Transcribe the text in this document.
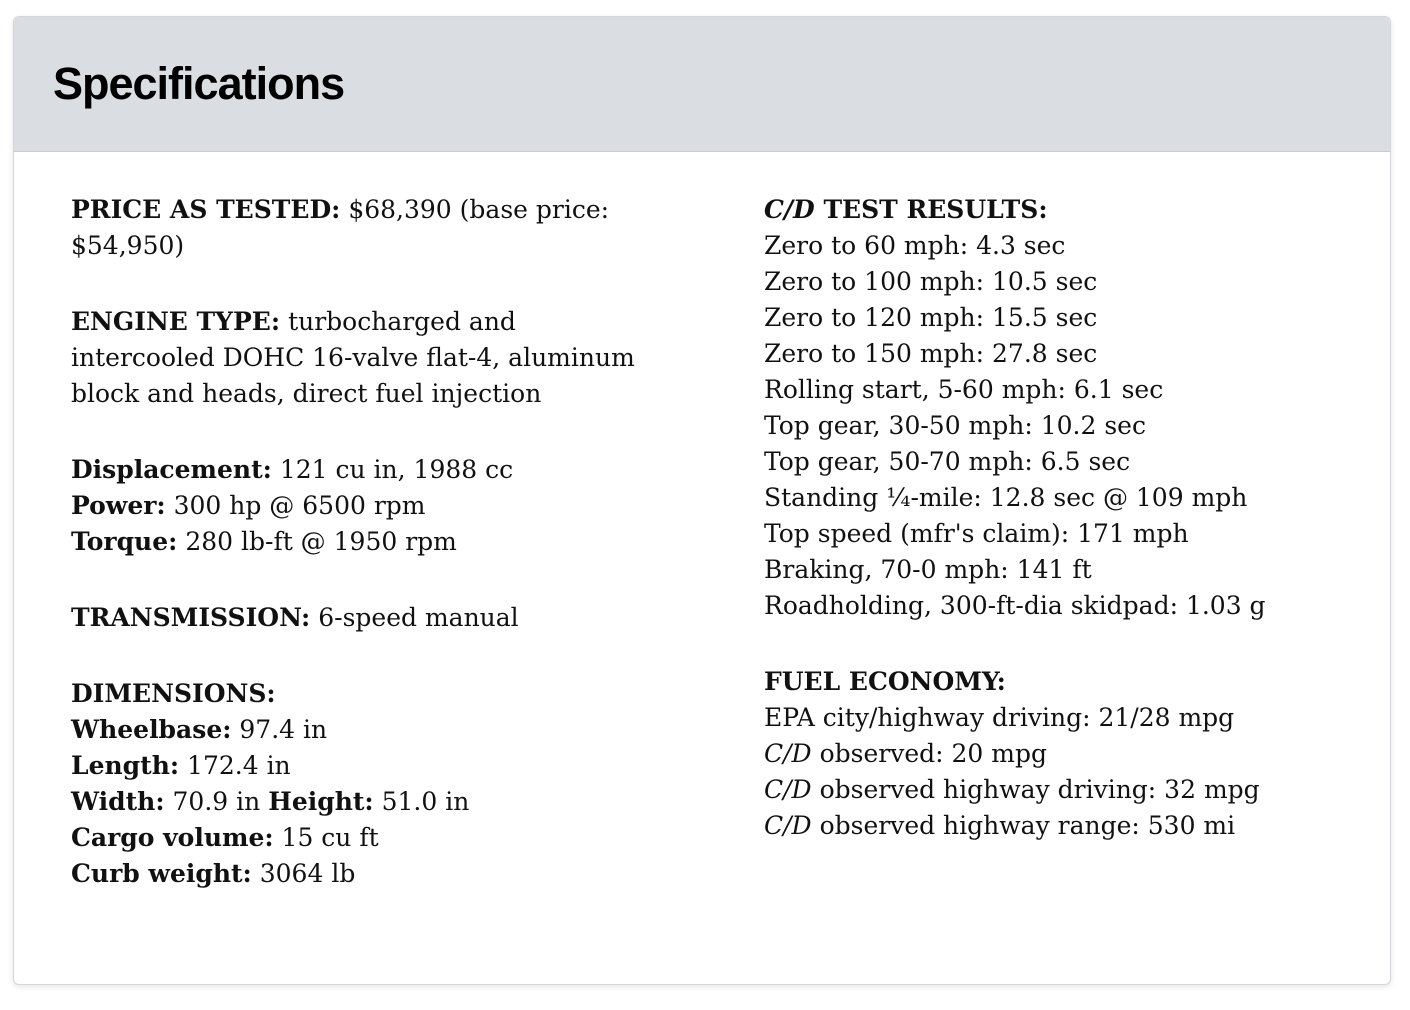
Specifications
PRICE AS TESTED: $68,390 (base price: $54,950)
ENGINE TYPE: turbocharged and intercooled DOHC 16-valve flat-4, aluminum block and heads, direct fuel injection
Displacement: 121 cu in, 1988 cc
Power: 300 hp @ 6500 rpm
Torque: 280 lb-ft @ 1950 rpm
TRANSMISSION: 6-speed manual
DIMENSIONS:
Wheelbase: 97.4 in
Length: 172.4 in
Width: 70.9 in Height: 51.0 in
Cargo volume: 15 cu ft
Curb weight: 3064 lb
C/D TEST RESULTS:
Zero to 60 mph: 4.3 sec
Zero to 100 mph: 10.5 sec
Zero to 120 mph: 15.5 sec
Zero to 150 mph: 27.8 sec
Rolling start, 5-60 mph: 6.1 sec
Top gear, 30-50 mph: 10.2 sec
Top gear, 50-70 mph: 6.5 sec
Standing ¼-mile: 12.8 sec @ 109 mph
Top speed (mfr's claim): 171 mph
Braking, 70-0 mph: 141 ft
Roadholding, 300-ft-dia skidpad: 1.03 g
FUEL ECONOMY:
EPA city/highway driving: 21/28 mpg
C/D observed: 20 mpg
C/D observed highway driving: 32 mpg
C/D observed highway range: 530 mi
